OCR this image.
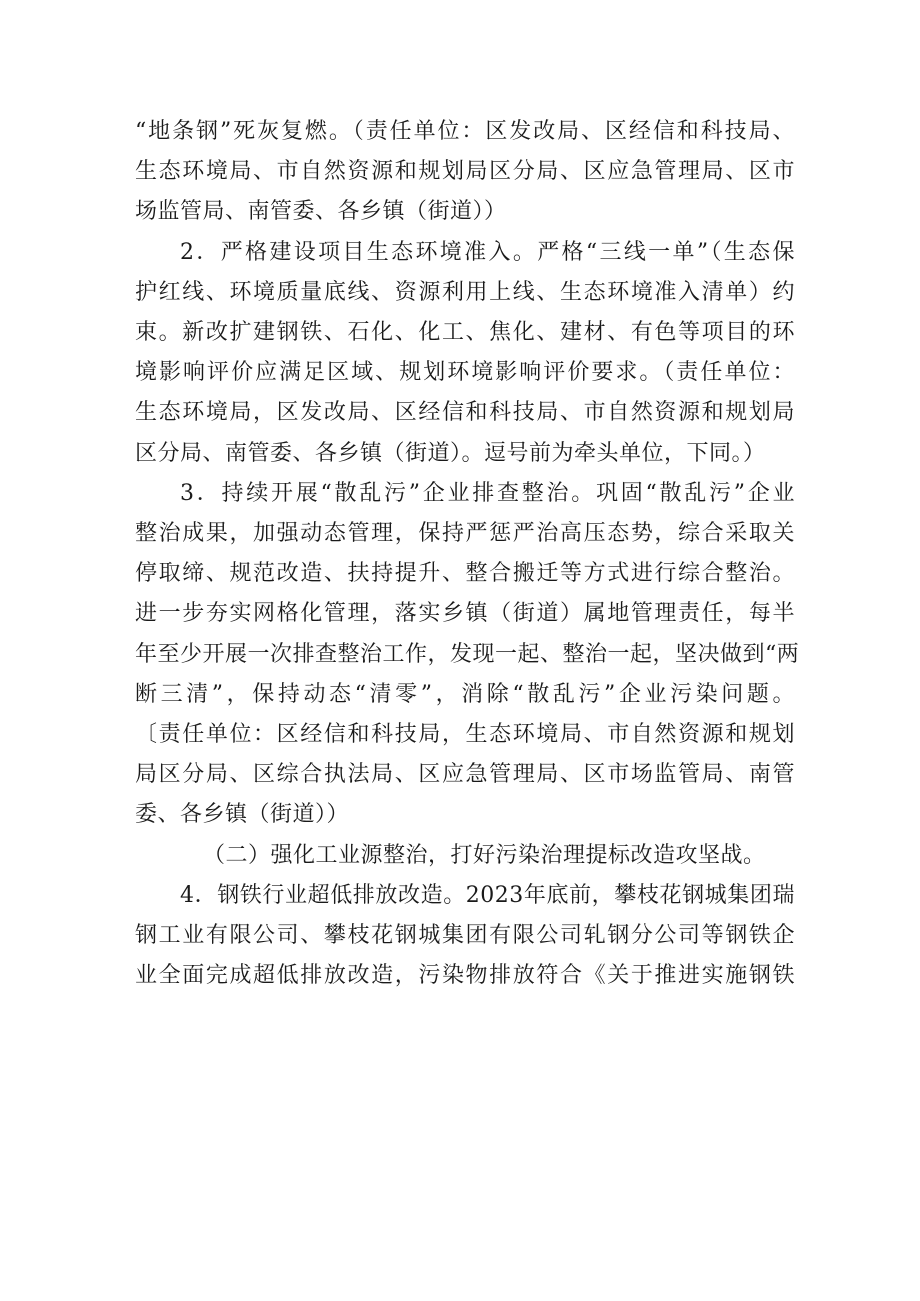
“地条钢”死灰复燃。（责任单位：区发改局、区经信和科技局、
生态环境局、市自然资源和规划局区分局、区应急管理局、区市
场监管局、南管委、各乡镇（街道））
2．严格建设项目生态环境准入。严格“三线一单”（生态保
护红线、环境质量底线、资源利用上线、生态环境准入清单）约
束。新改扩建钢铁、石化、化工、焦化、建材、有色等项目的环
境影响评价应满足区域、规划环境影响评价要求。（责任单位：
生态环境局，区发改局、区经信和科技局、市自然资源和规划局
区分局、南管委、各乡镇（街道）。逗号前为牵头单位，下同。）
3．持续开展“散乱污”企业排查整治。巩固“散乱污”企业
整治成果，加强动态管理，保持严惩严治高压态势，综合采取关
停取缔、规范改造、扶持提升、整合搬迁等方式进行综合整治。
进一步夯实网格化管理，落实乡镇（街道）属地管理责任，每半
年至少开展一次排查整治工作，发现一起、整治一起，坚决做到“两
断三清”，保持动态“清零”，消除“散乱污”企业污染问题。
〔责任单位：区经信和科技局，生态环境局、市自然资源和规划
局区分局、区综合执法局、区应急管理局、区市场监管局、南管
委、各乡镇（街道））
（二）强化工业源整治，打好污染治理提标改造攻坚战。
4．钢铁行业超低排放改造。2023年底前，攀枝花钢城集团瑞
钢工业有限公司、攀枝花钢城集团有限公司轧钢分公司等钢铁企
业全面完成超低排放改造，污染物排放符合《关于推进实施钢铁
